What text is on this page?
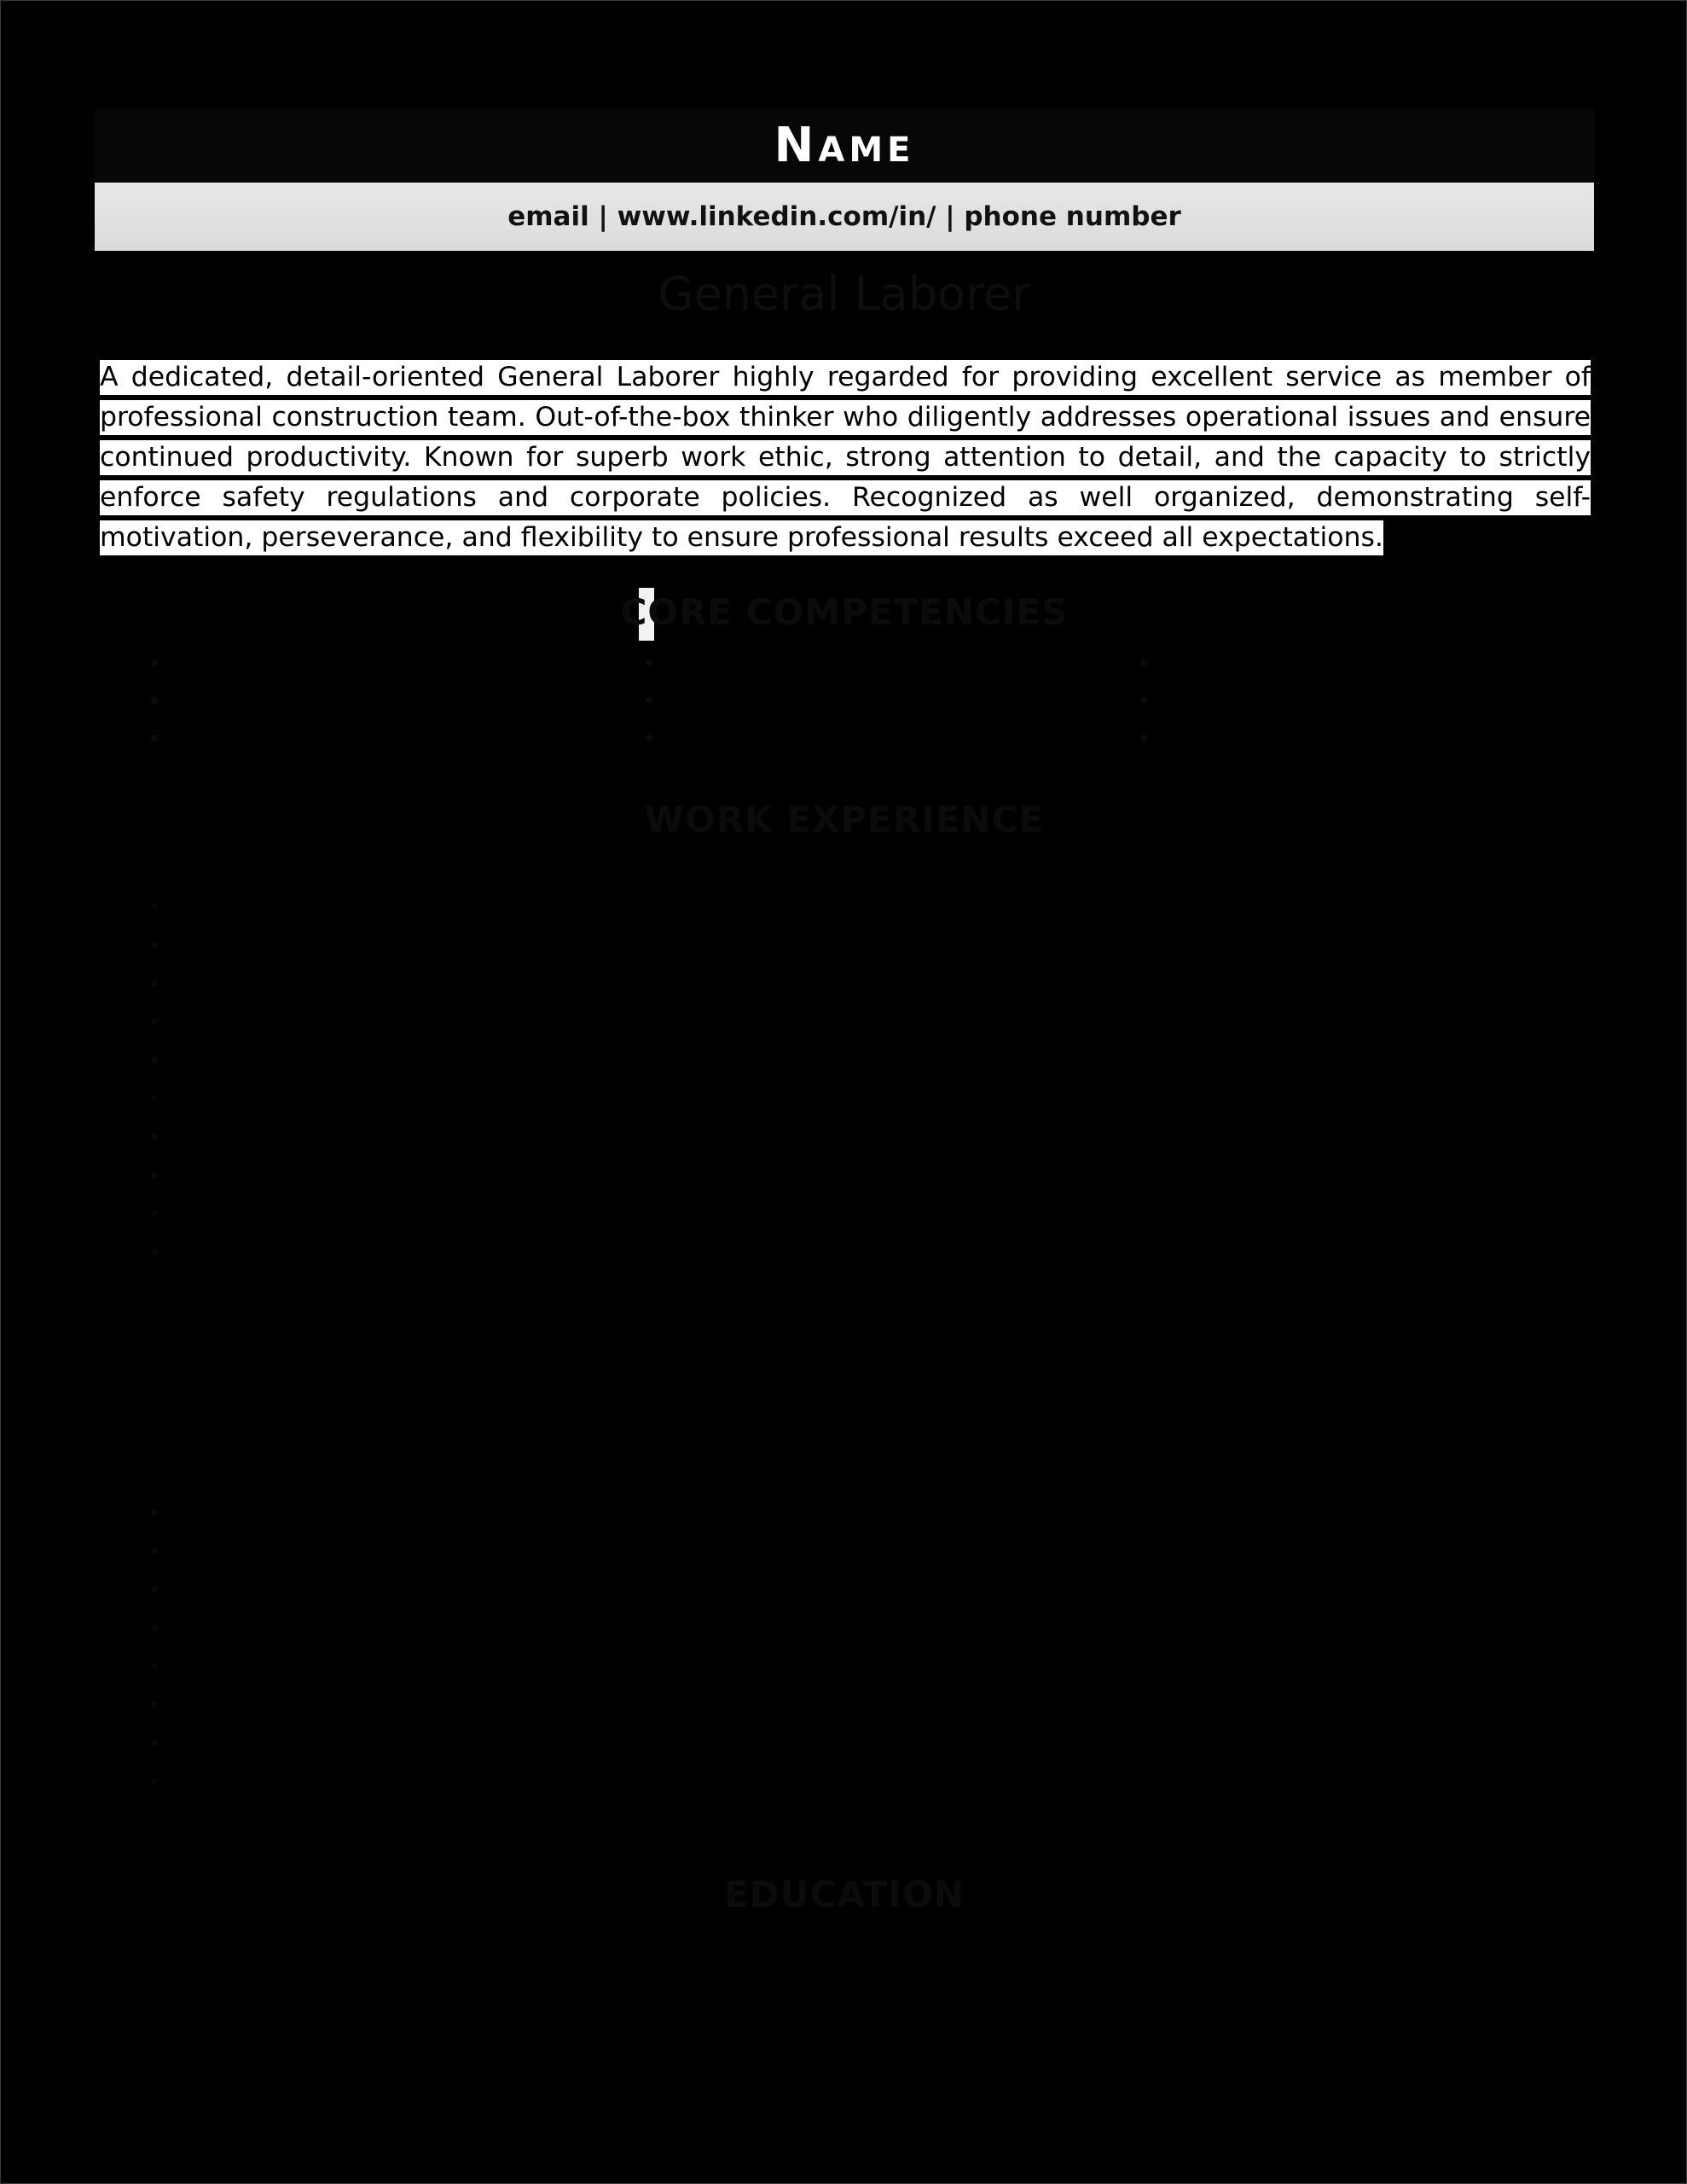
NAME
email | www.linkedin.com/in/ | phone number
General Laborer
A dedicated, detail-oriented General Laborer highly regarded for providing excellent service as member of professional construction team. Out-of-the-box thinker who diligently addresses operational issues and ensure continued productivity. Known for superb work ethic, strong attention to detail, and the capacity to strictly enforce safety regulations and corporate policies. Recognized as well organized, demonstrating self-motivation, perseverance, and flexibility to ensure professional results exceed all expectations.
CORE COMPETENCIES
•
•
•
•
•
•
•
•
•
WORK EXPERIENCE
•
•
•
•
•
•
•
•
•
•
•
•
•
•
•
•
•
•
EDUCATION
